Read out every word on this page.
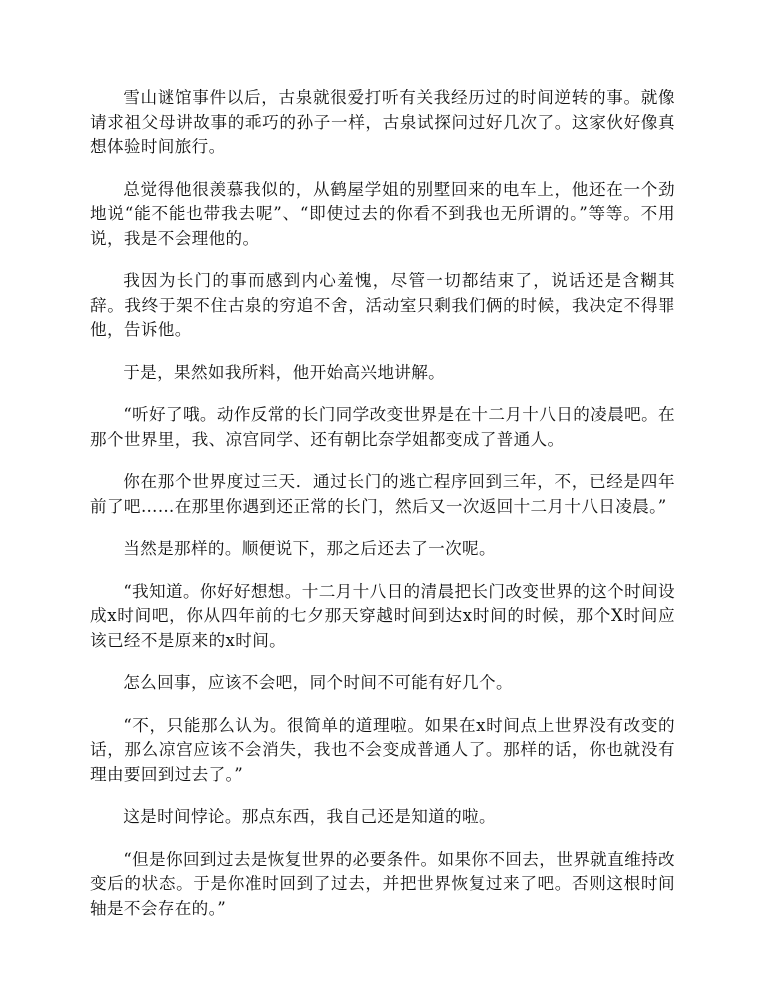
雪山谜馆事件以后，古泉就很爱打听有关我经历过的时间逆转的事。就像请求祖父母讲故事的乖巧的孙子一样，古泉试探问过好几次了。这家伙好像真想体验时间旅行。

总觉得他很羡慕我似的，从鹤屋学姐的别墅回来的电车上，他还在一个劲地说“能不能也带我去呢”、“即使过去的你看不到我也无所谓的。”等等。不用说，我是不会理他的。

我因为长门的事而感到内心羞愧，尽管一切都结束了，说话还是含糊其辞。我终于架不住古泉的穷追不舍，活动室只剩我们俩的时候，我决定不得罪他，告诉他。

于是，果然如我所料，他开始高兴地讲解。

“听好了哦。动作反常的长门同学改变世界是在十二月十八日的凌晨吧。在那个世界里，我、凉宫同学、还有朝比奈学姐都变成了普通人。

你在那个世界度过三天．通过长门的逃亡程序回到三年，不，已经是四年前了吧……在那里你遇到还正常的长门，然后又一次返回十二月十八日凌晨。”

当然是那样的。顺便说下，那之后还去了一次呢。

“我知道。你好好想想。十二月十八日的清晨把长门改变世界的这个时间设成x时间吧，你从四年前的七夕那天穿越时间到达x时间的时候，那个X时间应该已经不是原来的x时间。

怎么回事，应该不会吧，同个时间不可能有好几个。

“不，只能那么认为。很简单的道理啦。如果在x时间点上世界没有改变的话，那么凉宫应该不会消失，我也不会变成普通人了。那样的话，你也就没有理由要回到过去了。”

这是时间悖论。那点东西，我自己还是知道的啦。

“但是你回到过去是恢复世界的必要条件。如果你不回去，世界就直维持改变后的状态。于是你准时回到了过去，并把世界恢复过来了吧。否则这根时间轴是不会存在的。”
